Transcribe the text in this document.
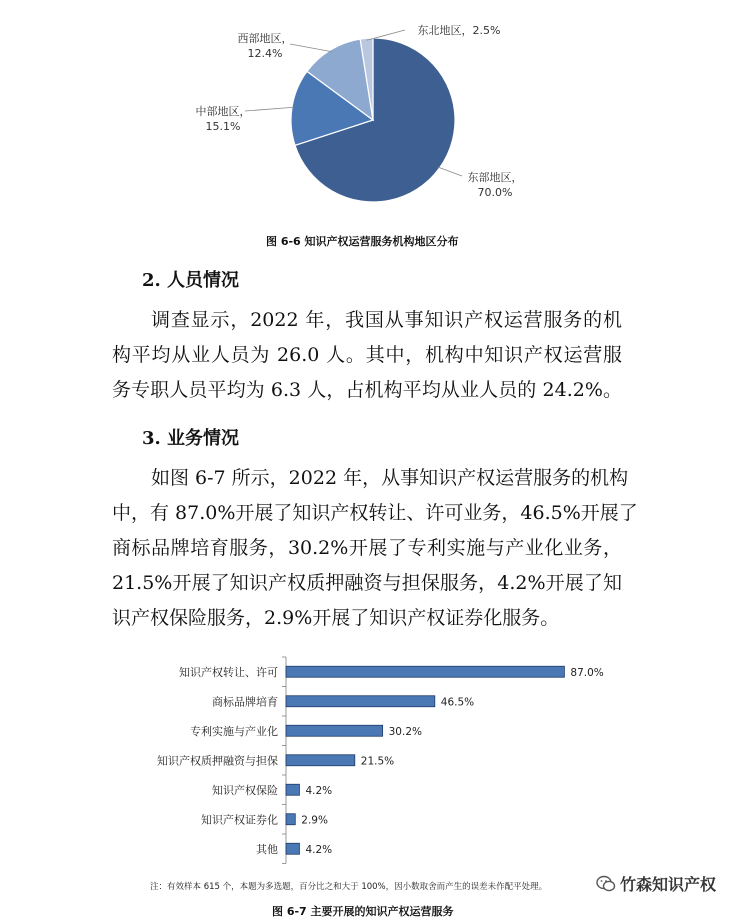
东部地区，
70.0%
中部地区，
15.1%
西部地区，
12.4%
东北地区，2.5%
图 6-6 知识产权运营服务机构地区分布
2. 人员情况
调查显示，2022 年，我国从事知识产权运营服务的机
构平均从业人员为 26.0 人。其中，机构中知识产权运营服
务专职人员平均为 6.3 人，占机构平均从业人员的 24.2%。
3. 业务情况
如图 6-7 所示，2022 年，从事知识产权运营服务的机构
中，有 87.0%开展了知识产权转让、许可业务，46.5%开展了
商标品牌培育服务，30.2%开展了专利实施与产业化业务，
21.5%开展了知识产权质押融资与担保服务，4.2%开展了知
识产权保险服务，2.9%开展了知识产权证券化服务。
知识产权转让、许可	87.0%
商标品牌培育	46.5%
专利实施与产业化	30.2%
知识产权质押融资与担保	21.5%
知识产权保险	4.2%
知识产权证券化 2.9%
其他	4.2%
注：有效样本 615 个，本题为多选题，百分比之和大于 100%，因小数取舍而产生的误差未作配平处理。	竹森知识产权
图 6-7 主要开展的知识产权运营服务
